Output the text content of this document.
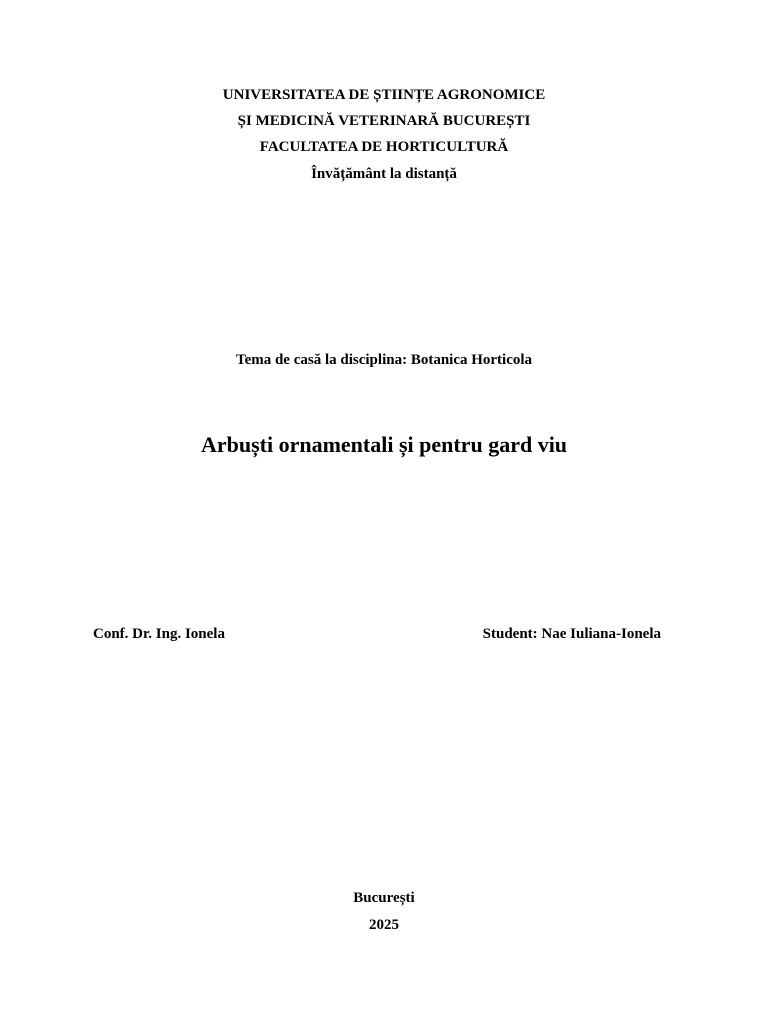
UNIVERSITATEA DE ȘTIINȚE AGRONOMICE
ȘI MEDICINĂ VETERINARĂ BUCUREȘTI
FACULTATEA DE HORTICULTURĂ
Învățământ la distanță
Tema de casă la disciplina: Botanica Horticola
Arbuști ornamentali și pentru gard viu
Conf. Dr. Ing. Ionela	Student: Nae Iuliana-Ionela
București
2025
